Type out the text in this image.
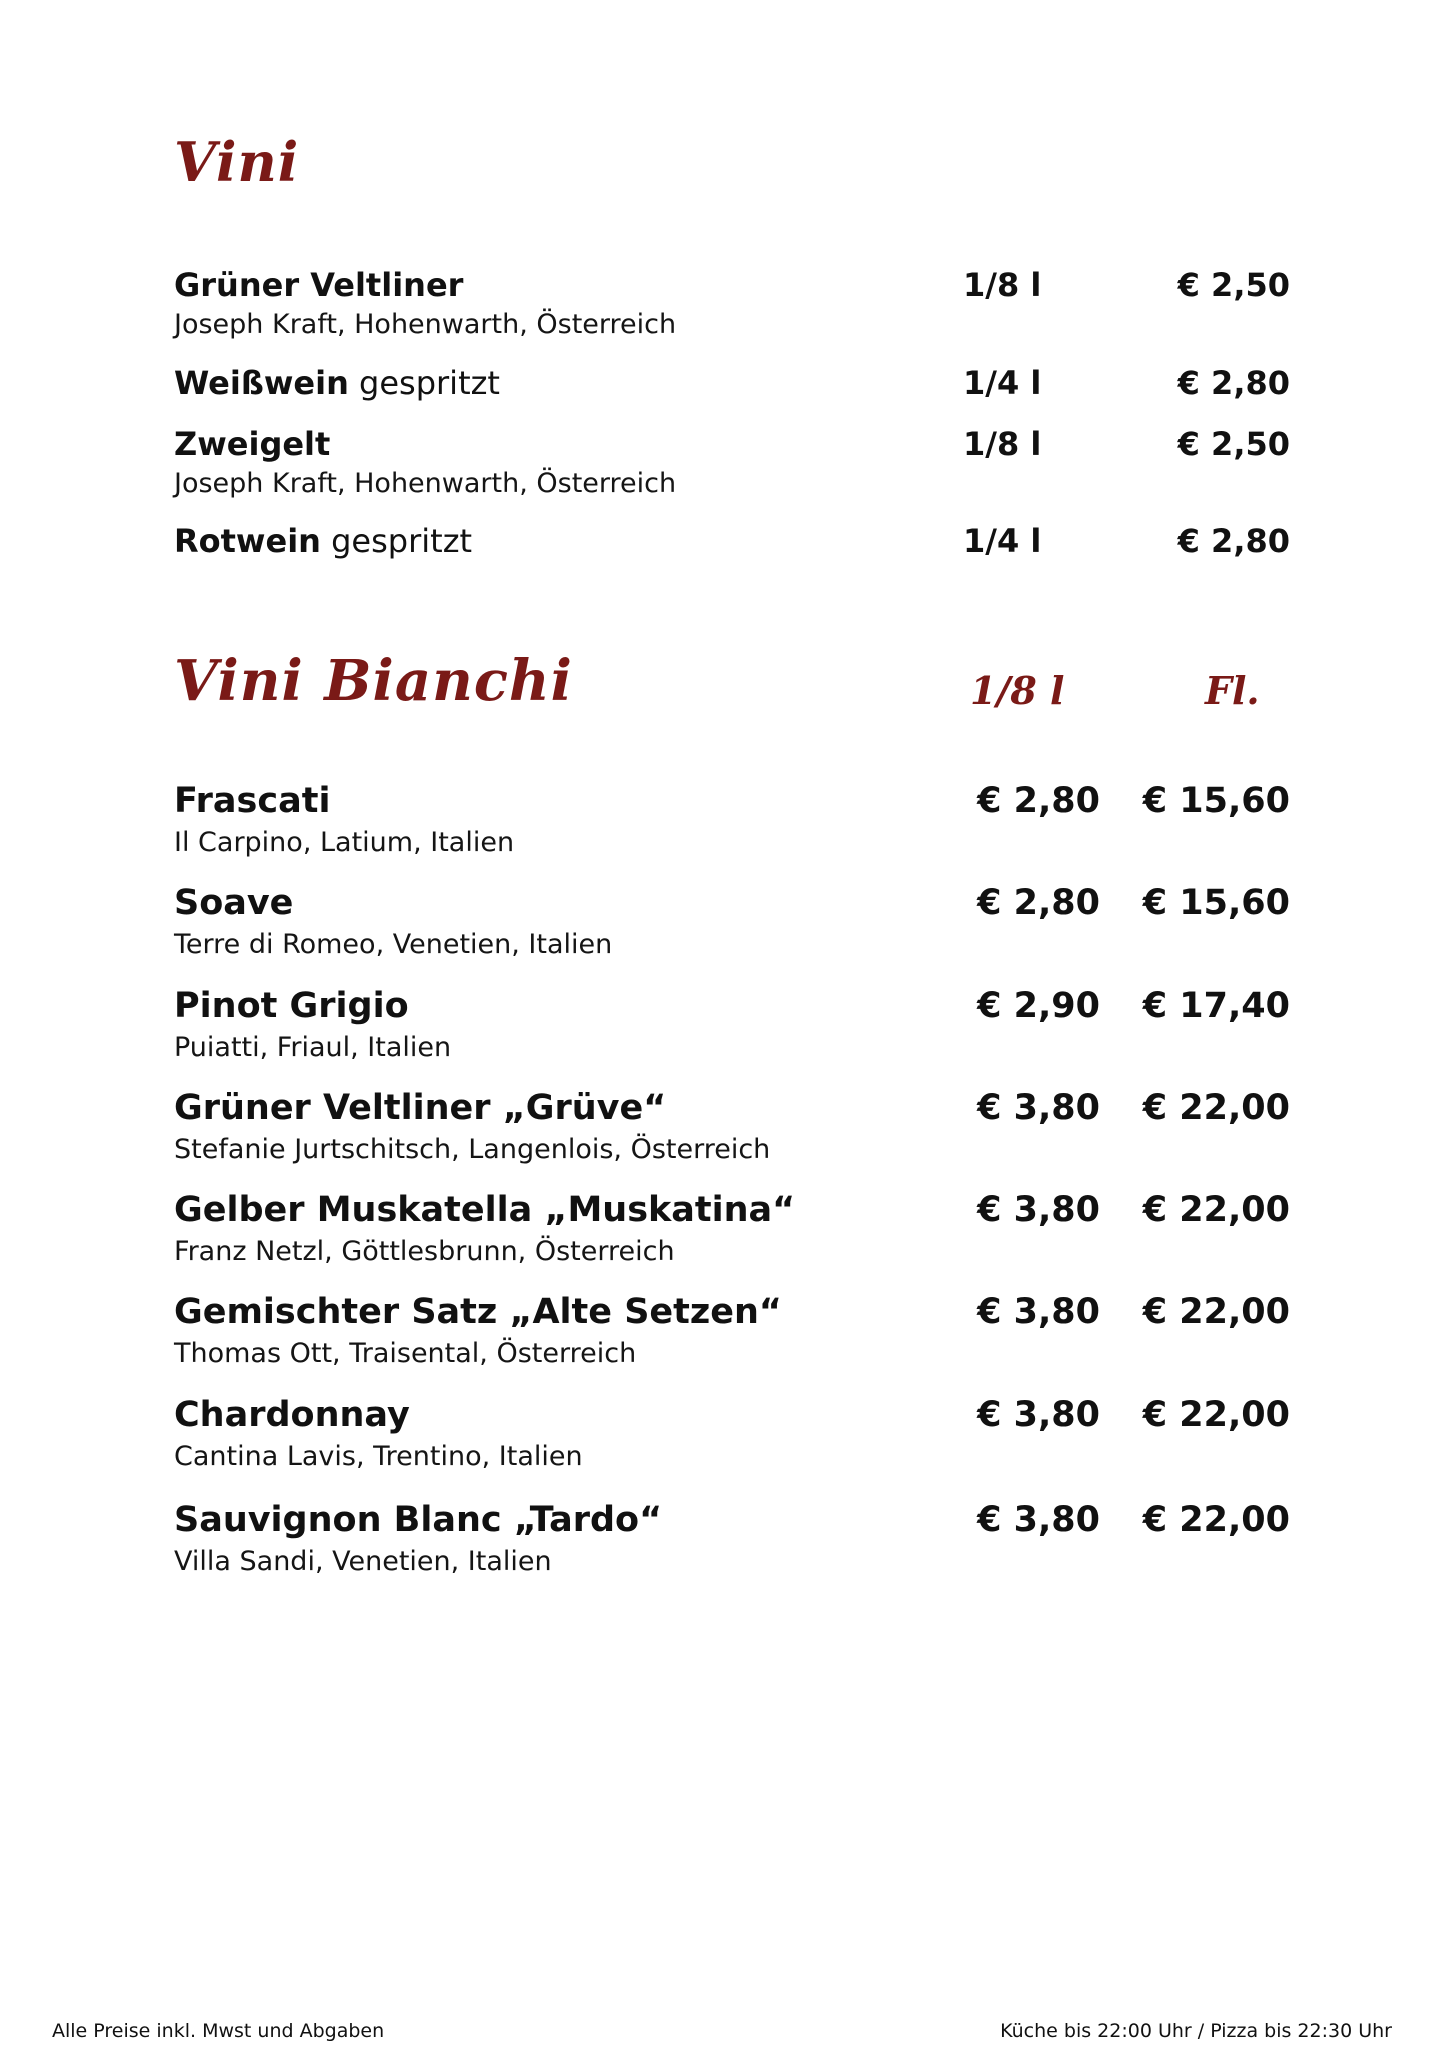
Vini
Grüner Veltliner
Joseph Kraft, Hohenwarth, Österreich
1/8 l	€ 2,50
Weißwein gespritzt	1/4 l	€ 2,80
Zweigelt
Joseph Kraft, Hohenwarth, Österreich
1/8 l	€ 2,50
Rotwein gespritzt	1/4 l	€ 2,80
Vini Bianchi	1/8 l	Fl.
Frascati
Il Carpino, Latium, Italien
€ 2,80 € 15,60
Soave
Terre di Romeo, Venetien, Italien
€ 2,80 € 15,60
Pinot Grigio
Puiatti, Friaul, Italien
€ 2,90 € 17,40
Grüner Veltliner „Grüve“
Stefanie Jurtschitsch, Langenlois, Österreich
€ 3,80 € 22,00
Gelber Muskatella „Muskatina“
Franz Netzl, Göttlesbrunn, Österreich
€ 3,80 € 22,00
Gemischter Satz „Alte Setzen“
Thomas Ott, Traisental, Österreich
€ 3,80 € 22,00
Chardonnay
Cantina Lavis, Trentino, Italien
€ 3,80 € 22,00
Sauvignon Blanc „Tardo“
Villa Sandi, Venetien, Italien
€ 3,80 € 22,00
Alle Preise inkl. Mwst und Abgaben	Küche bis 22:00 Uhr / Pizza bis 22:30 Uhr
